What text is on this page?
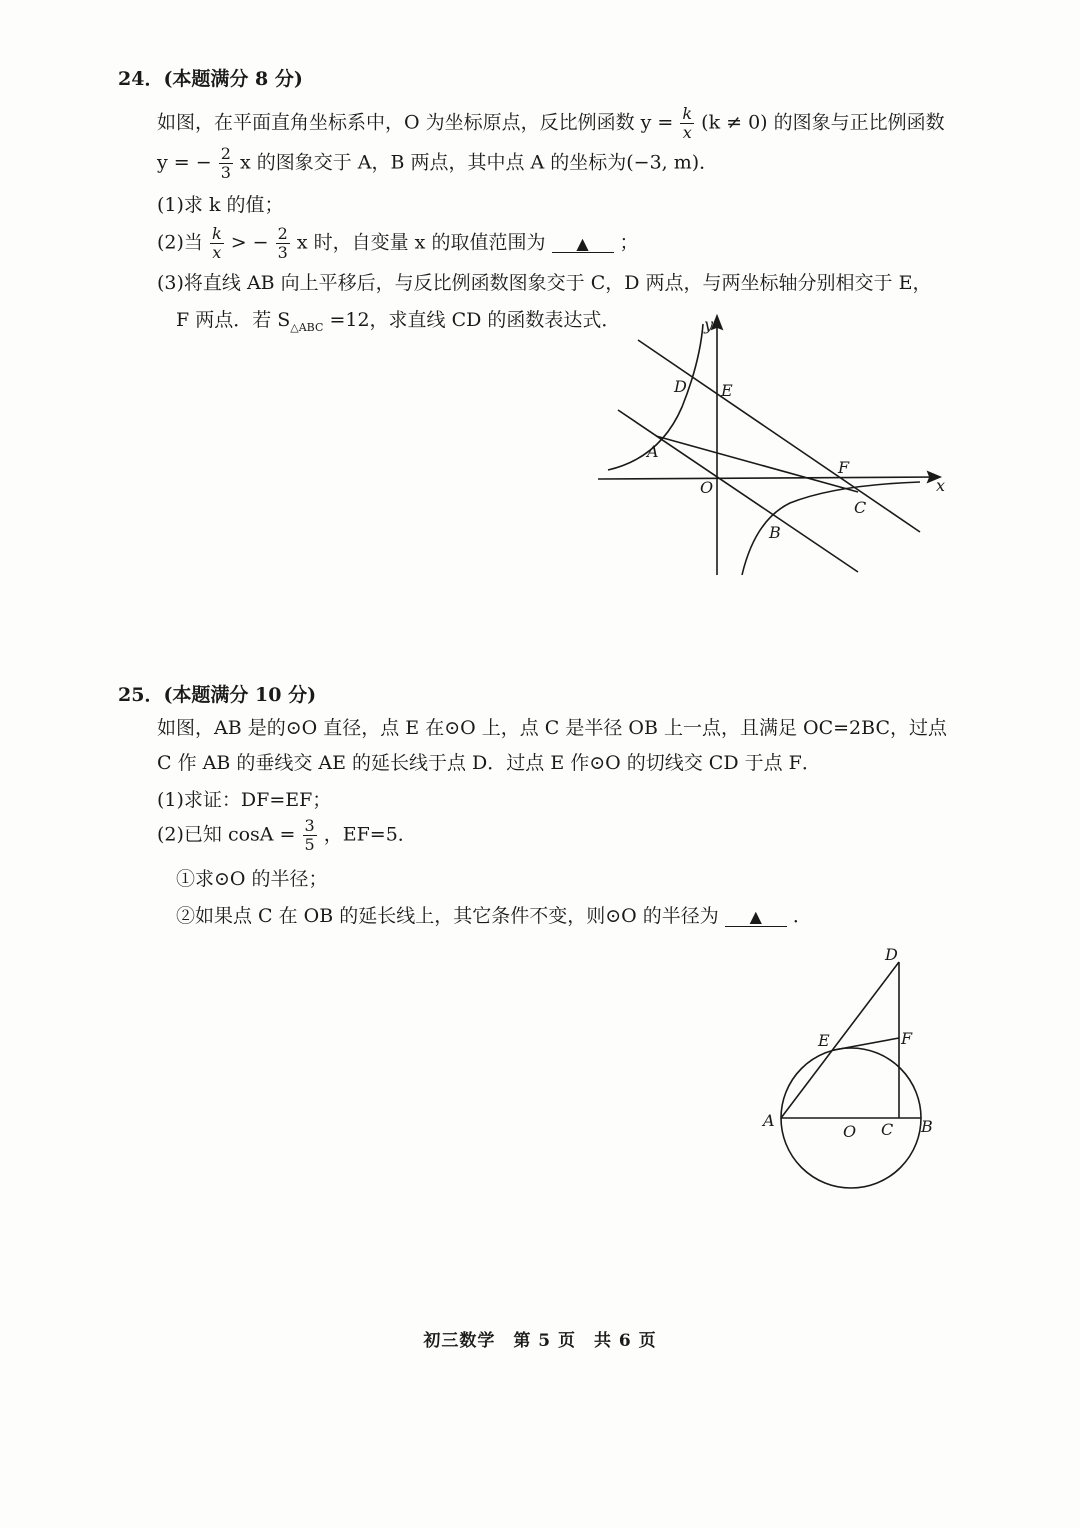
24．(本题满分 8 分)
如图，在平面直角坐标系中，O 为坐标原点，反比例函数 $y = \frac{k}{x} (k \ne 0)$ 的图象与正比例函数
y = − $\frac{2}{3}$ x 的图象交于 A，B 两点，其中点 A 的坐标为(−3, m)．
(1)求 k 的值；
(2)当 $\frac{k}{x}$ > − $\frac{2}{3}$ x 时，自变量 x 的取值范围为 ▲ ；
(3)将直线 AB 向上平移后，与反比例函数图象交于 C，D 两点，与两坐标轴分别相交于 E，
F 两点．若 $S_{\triangle ABC} =12$，求直线 CD 的函数表达式．	y
x
O
A
B
C
D E
F
25．(本题满分 10 分)
如图，AB 是的⊙O 直径，点 E 在⊙O 上，点 C 是半径 OB 上一点，且满足 OC=2BC，过点
C 作 AB 的垂线交 AE 的延长线于点 D．过点 E 作⊙O 的切线交 CD 于点 F．
(1)求证：DF=EF；
(2)已知 $\cos A = \frac{3}{5}$ ，EF=5．
①求⊙O 的半径；
②如果点 C 在 OB 的延长线上，其它条件不变，则⊙O 的半径为 ▲ ．
A
O C B
D
E	F
初三数学　第 5 页　共 6 页
